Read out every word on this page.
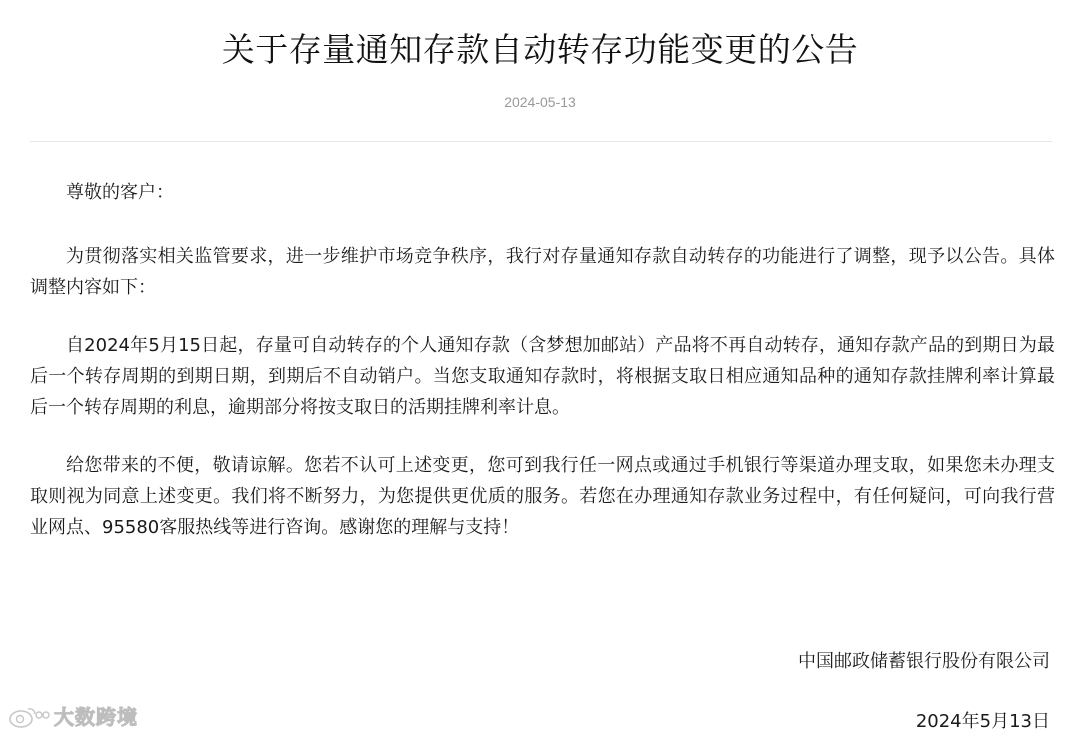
关于存量通知存款自动转存功能变更的公告
2024-05-13

尊敬的客户：

为贯彻落实相关监管要求，进一步维护市场竞争秩序，我行对存量通知存款自动转存的功能进行了调整，现予以公告。具体调整内容如下：

自2024年5月15日起，存量可自动转存的个人通知存款（含梦想加邮站）产品将不再自动转存，通知存款产品的到期日为最后一个转存周期的到期日期，到期后不自动销户。当您支取通知存款时，将根据支取日相应通知品种的通知存款挂牌利率计算最后一个转存周期的利息，逾期部分将按支取日的活期挂牌利率计息。

给您带来的不便，敬请谅解。您若不认可上述变更，您可到我行任一网点或通过手机银行等渠道办理支取，如果您未办理支取则视为同意上述变更。我们将不断努力，为您提供更优质的服务。若您在办理通知存款业务过程中，有任何疑问，可向我行营业网点、95580客服热线等进行咨询。感谢您的理解与支持！

中国邮政储蓄银行股份有限公司
2024年5月13日
大数跨境
